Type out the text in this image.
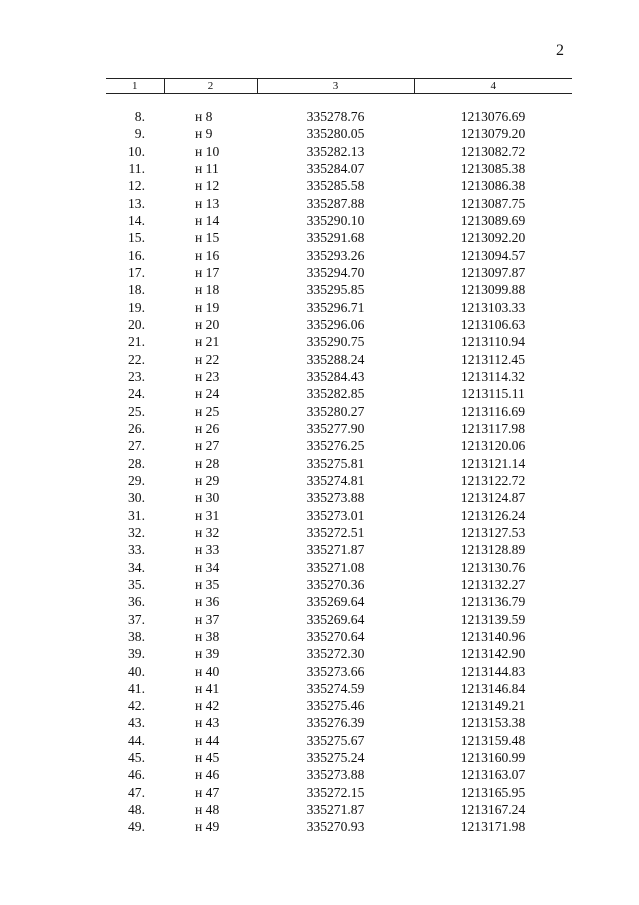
2
1	2	3	4

8.	н 8	335278.76	1213076.69
9.	н 9	335280.05	1213079.20
10.	н 10	335282.13	1213082.72
11.	н 11	335284.07	1213085.38
12.	н 12	335285.58	1213086.38
13.	н 13	335287.88	1213087.75
14.	н 14	335290.10	1213089.69
15.	н 15	335291.68	1213092.20
16.	н 16	335293.26	1213094.57
17.	н 17	335294.70	1213097.87
18.	н 18	335295.85	1213099.88
19.	н 19	335296.71	1213103.33
20.	н 20	335296.06	1213106.63
21.	н 21	335290.75	1213110.94
22.	н 22	335288.24	1213112.45
23.	н 23	335284.43	1213114.32
24.	н 24	335282.85	1213115.11
25.	н 25	335280.27	1213116.69
26.	н 26	335277.90	1213117.98
27.	н 27	335276.25	1213120.06
28.	н 28	335275.81	1213121.14
29.	н 29	335274.81	1213122.72
30.	н 30	335273.88	1213124.87
31.	н 31	335273.01	1213126.24
32.	н 32	335272.51	1213127.53
33.	н 33	335271.87	1213128.89
34.	н 34	335271.08	1213130.76
35.	н 35	335270.36	1213132.27
36.	н 36	335269.64	1213136.79
37.	н 37	335269.64	1213139.59
38.	н 38	335270.64	1213140.96
39.	н 39	335272.30	1213142.90
40.	н 40	335273.66	1213144.83
41.	н 41	335274.59	1213146.84
42.	н 42	335275.46	1213149.21
43.	н 43	335276.39	1213153.38
44.	н 44	335275.67	1213159.48
45.	н 45	335275.24	1213160.99
46.	н 46	335273.88	1213163.07
47.	н 47	335272.15	1213165.95
48.	н 48	335271.87	1213167.24
49.	н 49	335270.93	1213171.98
